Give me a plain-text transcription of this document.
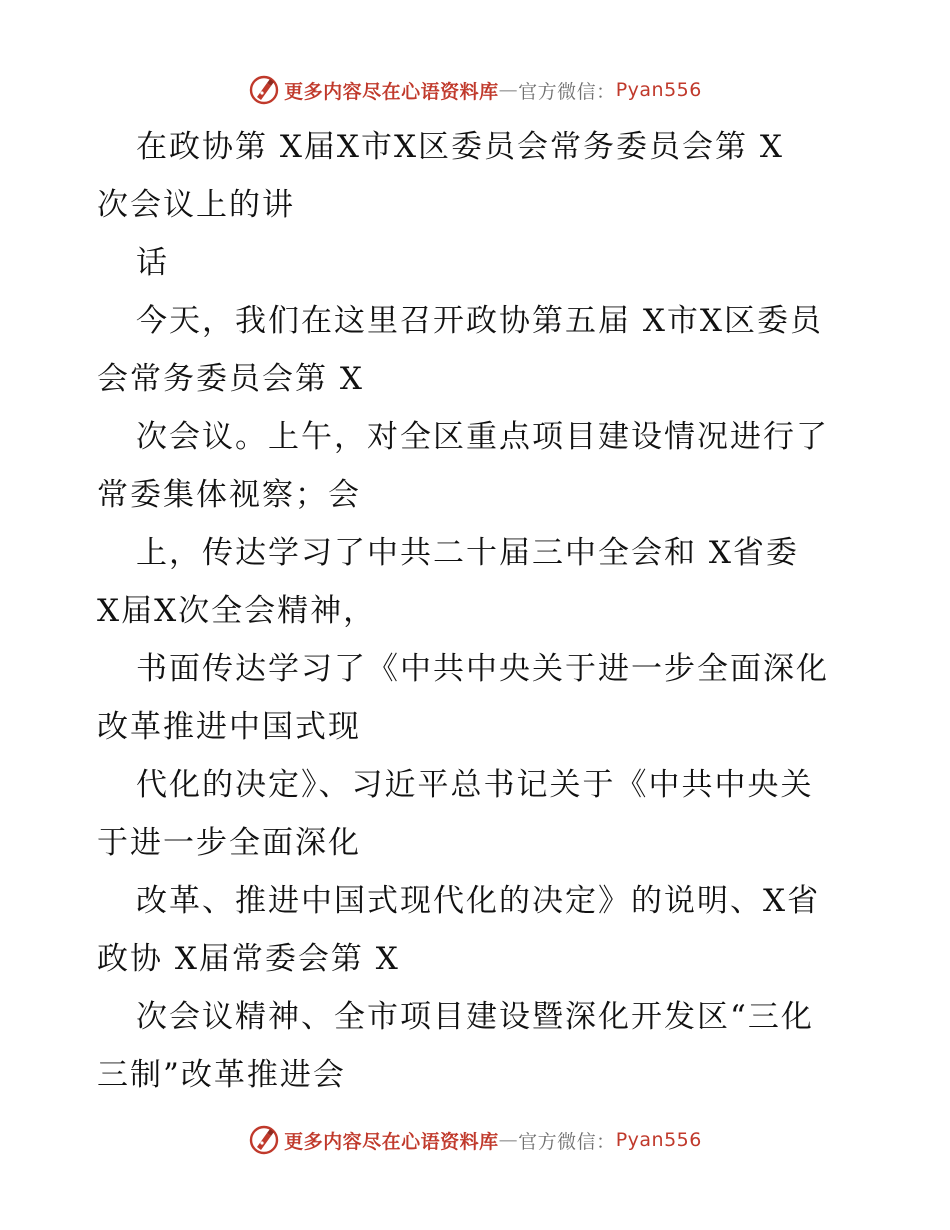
更多内容尽在心语资料库 — 官方微信： Pyan556
在政协第 X届X市X区委员会常务委员会第 X
次会议上的讲
话
今天，我们在这里召开政协第五届 X市X区委员
会常务委员会第 X
次会议。上午，对全区重点项目建设情况进行了
常委集体视察；会
上，传达学习了中共二十届三中全会和 X省委
X届X次全会精神，
书面传达学习了《中共中央关于进一步全面深化
改革推进中国式现
代化的决定》、习近平总书记关于《中共中央关
于进一步全面深化
改革、推进中国式现代化的决定》的说明、X省
政协 X届常委会第 X
次会议精神、全市项目建设暨深化开发区“三化
三制”改革推进会
更多内容尽在心语资料库 — 官方微信： Pyan556
